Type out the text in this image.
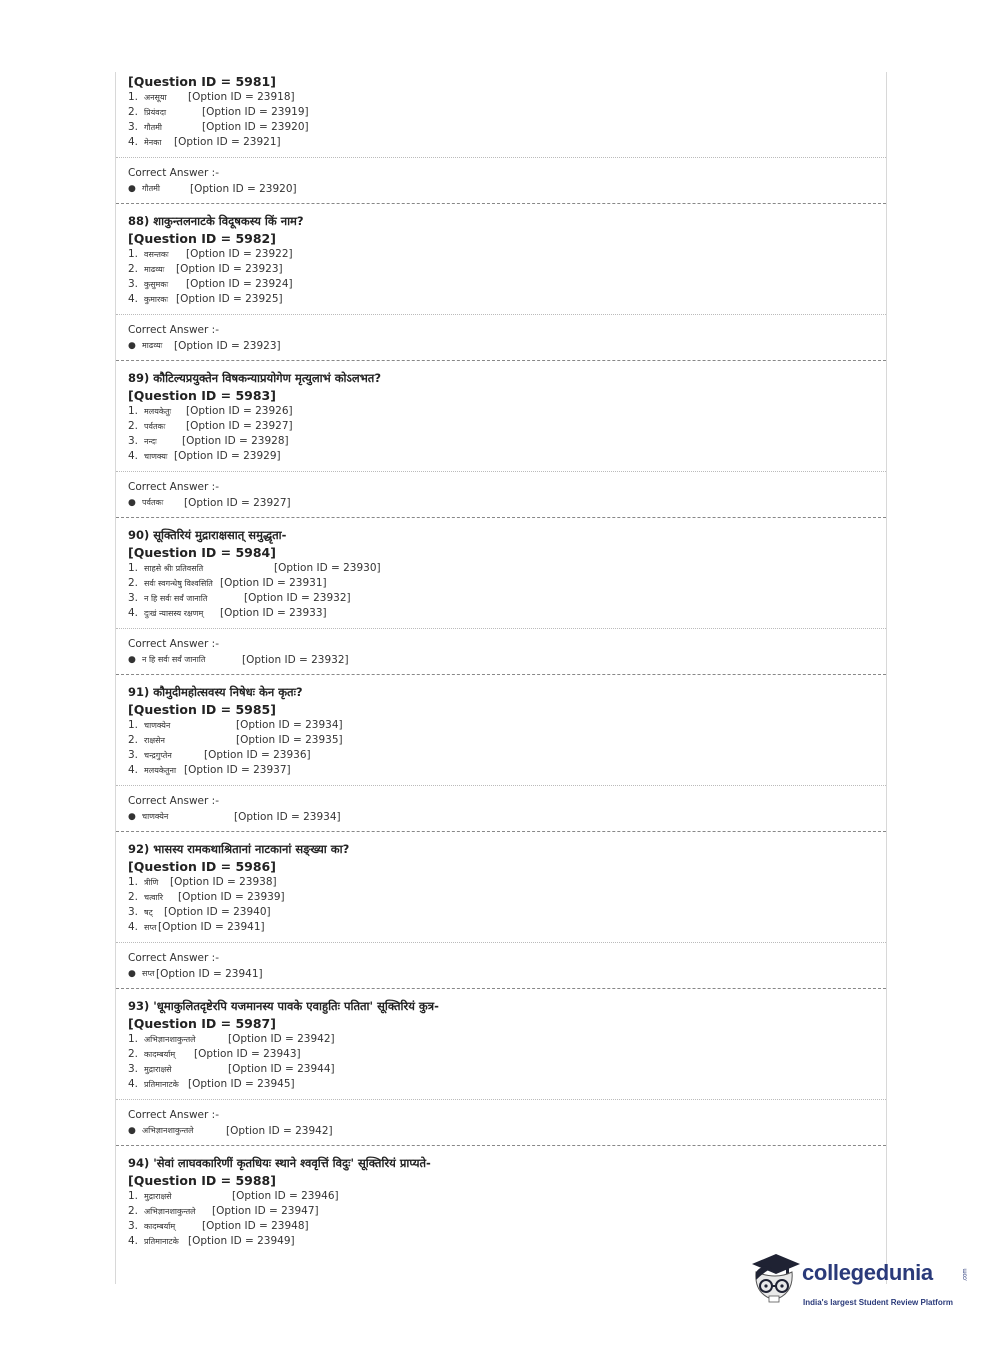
[Question ID = 5981]
1. अनसूया	[Option ID = 23918]
2. प्रियंवदा	[Option ID = 23919]
3. गौतमी	[Option ID = 23920]
4. मेनका	[Option ID = 23921]
Correct Answer :-
● गौतमी	[Option ID = 23920]
88) शाकुन्तलनाटके विदूषकस्य किं नाम?
[Question ID = 5982]
1. वसन्तकः	[Option ID = 23922]
2. माढव्यः	[Option ID = 23923]
3. कुसुमकः	[Option ID = 23924]
4. कुमारकः [Option ID = 23925]
Correct Answer :-
● माढव्यः	[Option ID = 23923]
89) कौटिल्यप्रयुक्तेन विषकन्याप्रयोगेण मृत्युलाभं कोऽलभत?
[Question ID = 5983]
1. मलयकेतुः	[Option ID = 23926]
2. पर्वतकः	[Option ID = 23927]
3. नन्दः	[Option ID = 23928]
4. चाणक्यः [Option ID = 23929]
Correct Answer :-
● पर्वतकः	[Option ID = 23927]
90) सूक्तिरियं मुद्राराक्षसात् समुद्धृता-
[Question ID = 5984]
1. साहसे श्रीः प्रतिवसति	[Option ID = 23930]
2. सर्वः स्वगन्धेषु विश्वसिति [Option ID = 23931]
3. न हि सर्वः सर्वं जानाति	[Option ID = 23932]
4. दुःखं न्यासस्य रक्षणम्	[Option ID = 23933]
Correct Answer :-
● न हि सर्वः सर्वं जानाति	[Option ID = 23932]
91) कौमुदीमहोत्सवस्य निषेधः केन कृतः?
[Question ID = 5985]
1. चाणक्येन	[Option ID = 23934]
2. राक्षसेन	[Option ID = 23935]
3. चन्द्रगुप्तेन	[Option ID = 23936]
4. मलयकेतुना [Option ID = 23937]
Correct Answer :-
● चाणक्येन	[Option ID = 23934]
92) भासस्य रामकथाश्रितानां नाटकानां सङ्ख्या का?
[Question ID = 5986]
1. त्रीणि	[Option ID = 23938]
2. चत्वारि	[Option ID = 23939]
3. षट्	[Option ID = 23940]
4. सप्त [Option ID = 23941]
Correct Answer :-
● सप्त [Option ID = 23941]
93) 'धूमाकुलितदृष्टेरपि यजमानस्य पावके एवाहुतिः पतिता' सूक्तिरियं कुत्र-
[Question ID = 5987]
1. अभिज्ञानशाकुन्तले	[Option ID = 23942]
2. कादम्बर्याम्	[Option ID = 23943]
3. मुद्राराक्षसे	[Option ID = 23944]
4. प्रतिमानाटके [Option ID = 23945]
Correct Answer :-
● अभिज्ञानशाकुन्तले	[Option ID = 23942]
94) 'सेवां लाघवकारिणीं कृतधियः स्थाने श्ववृत्तिं विदुः' सूक्तिरियं प्राप्यते-
[Question ID = 5988]
1. मुद्राराक्षसे	[Option ID = 23946]
2. अभिज्ञानशाकुन्तले	[Option ID = 23947]
3. कादम्बर्याम्	[Option ID = 23948]
4. प्रतिमानाटके [Option ID = 23949]
collegedunia	.com
India's largest Student Review Platform
